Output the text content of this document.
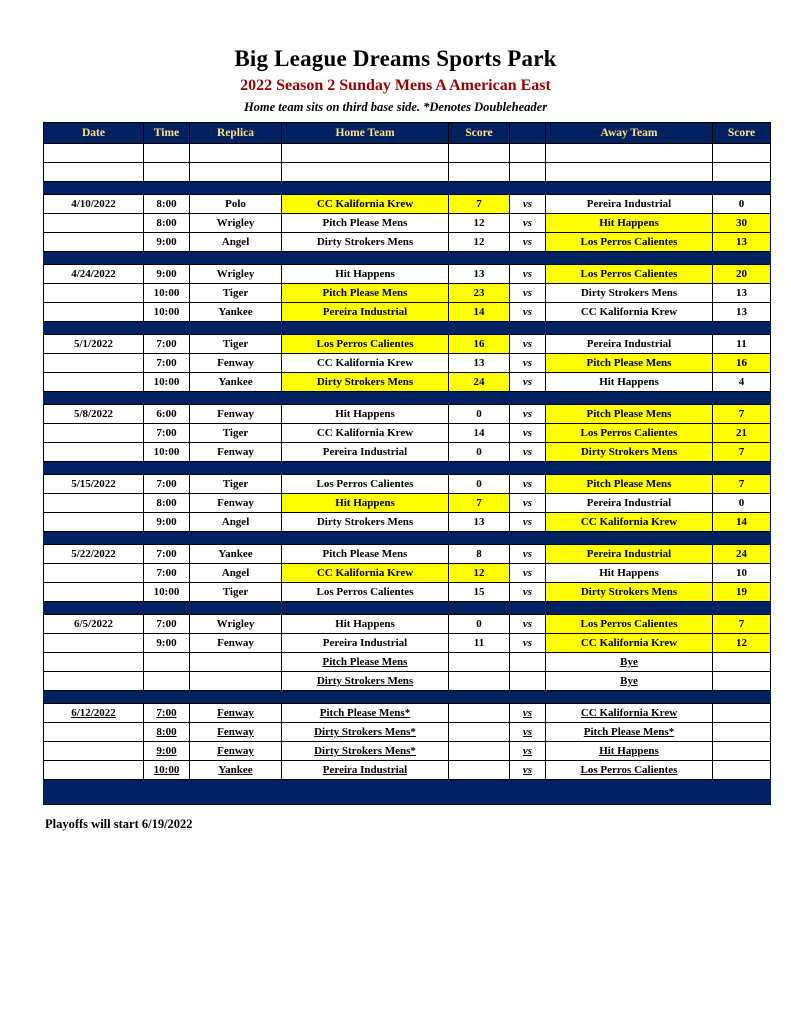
Big League Dreams Sports Park
2022 Season 2 Sunday Mens A American East
Home team sits on third base side. *Denotes Doubleheader
Date	Time	Replica	Home Team	Score		Away Team	Score

4/10/2022	8:00	Polo	CC Kalifornia Krew	7	vs	Pereira Industrial	0
	8:00	Wrigley	Pitch Please Mens	12	vs	Hit Happens	30
	9:00	Angel	Dirty Strokers Mens	12	vs	Los Perros Calientes	13

4/24/2022	9:00	Wrigley	Hit Happens	13	vs	Los Perros Calientes	20
	10:00	Tiger	Pitch Please Mens	23	vs	Dirty Strokers Mens	13
	10:00	Yankee	Pereira Industrial	14	vs	CC Kalifornia Krew	13

5/1/2022	7:00	Tiger	Los Perros Calientes	16	vs	Pereira Industrial	11
	7:00	Fenway	CC Kalifornia Krew	13	vs	Pitch Please Mens	16
	10:00	Yankee	Dirty Strokers Mens	24	vs	Hit Happens	4

5/8/2022	6:00	Fenway	Hit Happens	0	vs	Pitch Please Mens	7
	7:00	Tiger	CC Kalifornia Krew	14	vs	Los Perros Calientes	21
	10:00	Fenway	Pereira Industrial	0	vs	Dirty Strokers Mens	7

5/15/2022	7:00	Tiger	Los Perros Calientes	0	vs	Pitch Please Mens	7
	8:00	Fenway	Hit Happens	7	vs	Pereira Industrial	0
	9:00	Angel	Dirty Strokers Mens	13	vs	CC Kalifornia Krew	14

5/22/2022	7:00	Yankee	Pitch Please Mens	8	vs	Pereira Industrial	24
	7:00	Angel	CC Kalifornia Krew	12	vs	Hit Happens	10
	10:00	Tiger	Los Perros Calientes	15	vs	Dirty Strokers Mens	19

6/5/2022	7:00	Wrigley	Hit Happens	0	vs	Los Perros Calientes	7
	9:00	Fenway	Pereira Industrial	11	vs	CC Kalifornia Krew	12
			Pitch Please Mens			Bye	
			Dirty Strokers Mens			Bye	

6/12/2022	7:00	Fenway	Pitch Please Mens*		vs	CC Kalifornia Krew	
	8:00	Fenway	Dirty Strokers Mens*		vs	Pitch Please Mens*	
	9:00	Fenway	Dirty Strokers Mens*		vs	Hit Happens	
	10:00	Yankee	Pereira Industrial		vs	Los Perros Calientes	

Playoffs will start 6/19/2022
